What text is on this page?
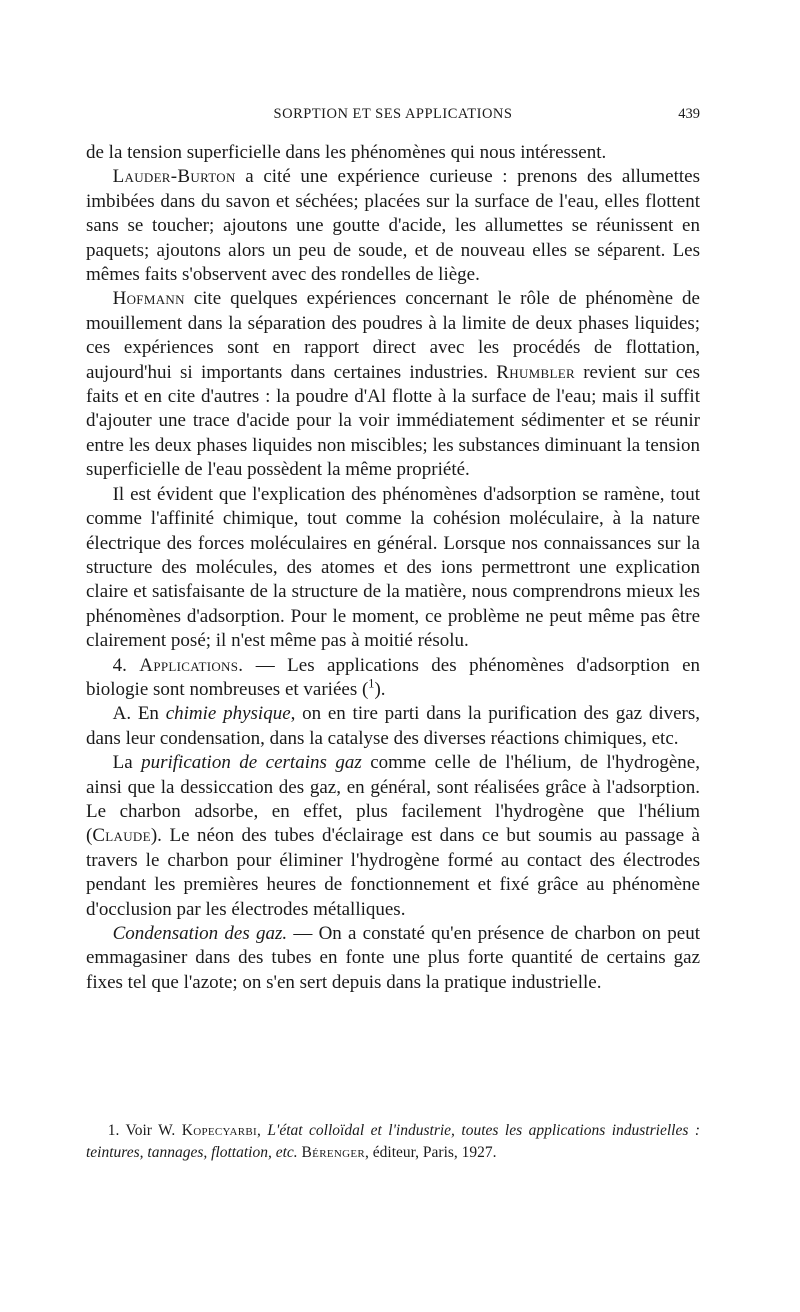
SORPTION ET SES APPLICATIONS	439

de la tension superficielle dans les phénomènes qui nous intéressent.

Lauder-Burton a cité une expérience curieuse : prenons des allumettes imbibées dans du savon et séchées; placées sur la surface de l'eau, elles flottent sans se toucher; ajoutons une goutte d'acide, les allumettes se réunissent en paquets; ajoutons alors un peu de soude, et de nouveau elles se séparent. Les mêmes faits s'observent avec des rondelles de liège.

Hofmann cite quelques expériences concernant le rôle de phénomène de mouillement dans la séparation des poudres à la limite de deux phases liquides; ces expériences sont en rapport direct avec les procédés de flottation, aujourd'hui si importants dans certaines industries. Rhumbler revient sur ces faits et en cite d'autres : la poudre d'Al flotte à la surface de l'eau; mais il suffit d'ajouter une trace d'acide pour la voir immédiatement sédimenter et se réunir entre les deux phases liquides non miscibles; les substances diminuant la tension superficielle de l'eau possèdent la même propriété.

Il est évident que l'explication des phénomènes d'adsorption se ramène, tout comme l'affinité chimique, tout comme la cohésion moléculaire, à la nature électrique des forces moléculaires en général. Lorsque nos connaissances sur la structure des molécules, des atomes et des ions permettront une explication claire et satisfaisante de la structure de la matière, nous comprendrons mieux les phénomènes d'adsorption. Pour le moment, ce problème ne peut même pas être clairement posé; il n'est même pas à moitié résolu.

4. Applications. — Les applications des phénomènes d'adsorption en biologie sont nombreuses et variées ($^1$).

A. En chimie physique, on en tire parti dans la purification des gaz divers, dans leur condensation, dans la catalyse des diverses réactions chimiques, etc.

La purification de certains gaz comme celle de l'hélium, de l'hydrogène, ainsi que la dessiccation des gaz, en général, sont réalisées grâce à l'adsorption. Le charbon adsorbe, en effet, plus facilement l'hydrogène que l'hélium (Claude). Le néon des tubes d'éclairage est dans ce but soumis au passage à travers le charbon pour éliminer l'hydrogène formé au contact des électrodes pendant les premières heures de fonctionnement et fixé grâce au phénomène d'occlusion par les électrodes métalliques.

Condensation des gaz. — On a constaté qu'en présence de charbon on peut emmagasiner dans des tubes en fonte une plus forte quantité de certains gaz fixes tel que l'azote; on s'en sert depuis dans la pratique industrielle.

1. Voir W. Kopecyarbi, L'état colloïdal et l'industrie, toutes les applications industrielles : teintures, tannages, flottation, etc. Bérenger, éditeur, Paris, 1927.
